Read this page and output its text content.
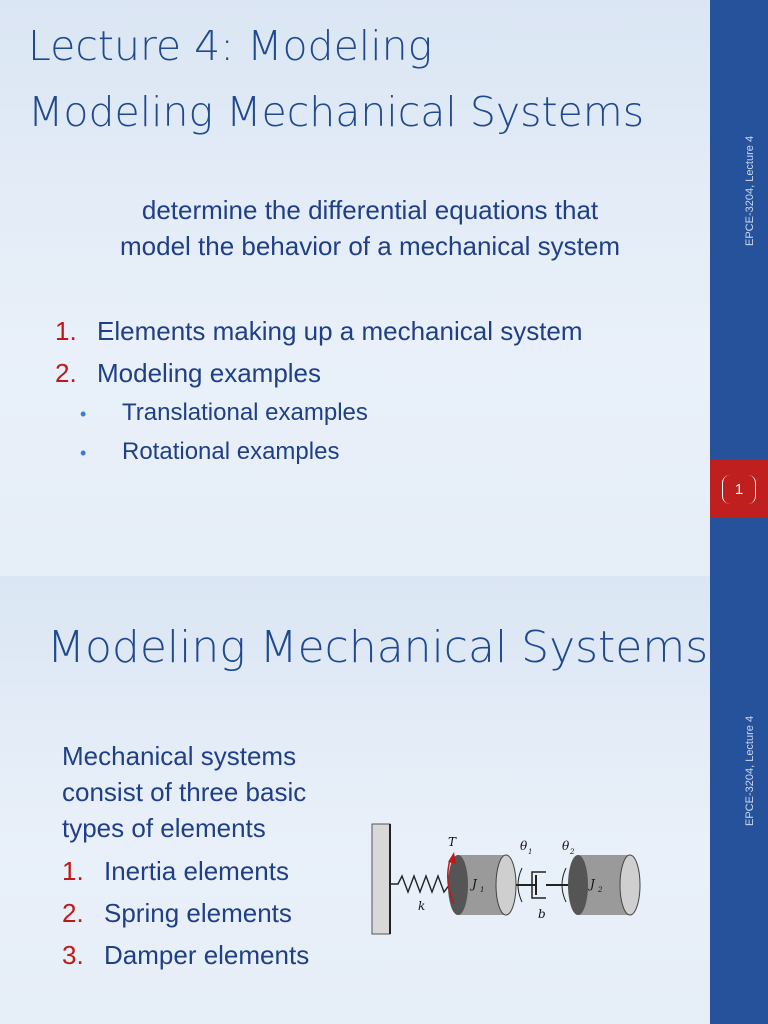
Lecture 4: Modeling
Modeling Mechanical Systems
determine the differential equations that
model the behavior of a mechanical system
1. Elements making up a mechanical system
2. Modeling examples
• Translational examples
• Rotational examples
EPCE-3204, Lecture 4
1
Modeling Mechanical Systems
Mechanical systems
consist of three basic
types of elements
1. Inertia elements
2. Spring elements
3. Damper elements
T	θ 1 θ 2
J 1	J 2
k
b
EPCE-3204, Lecture 4
